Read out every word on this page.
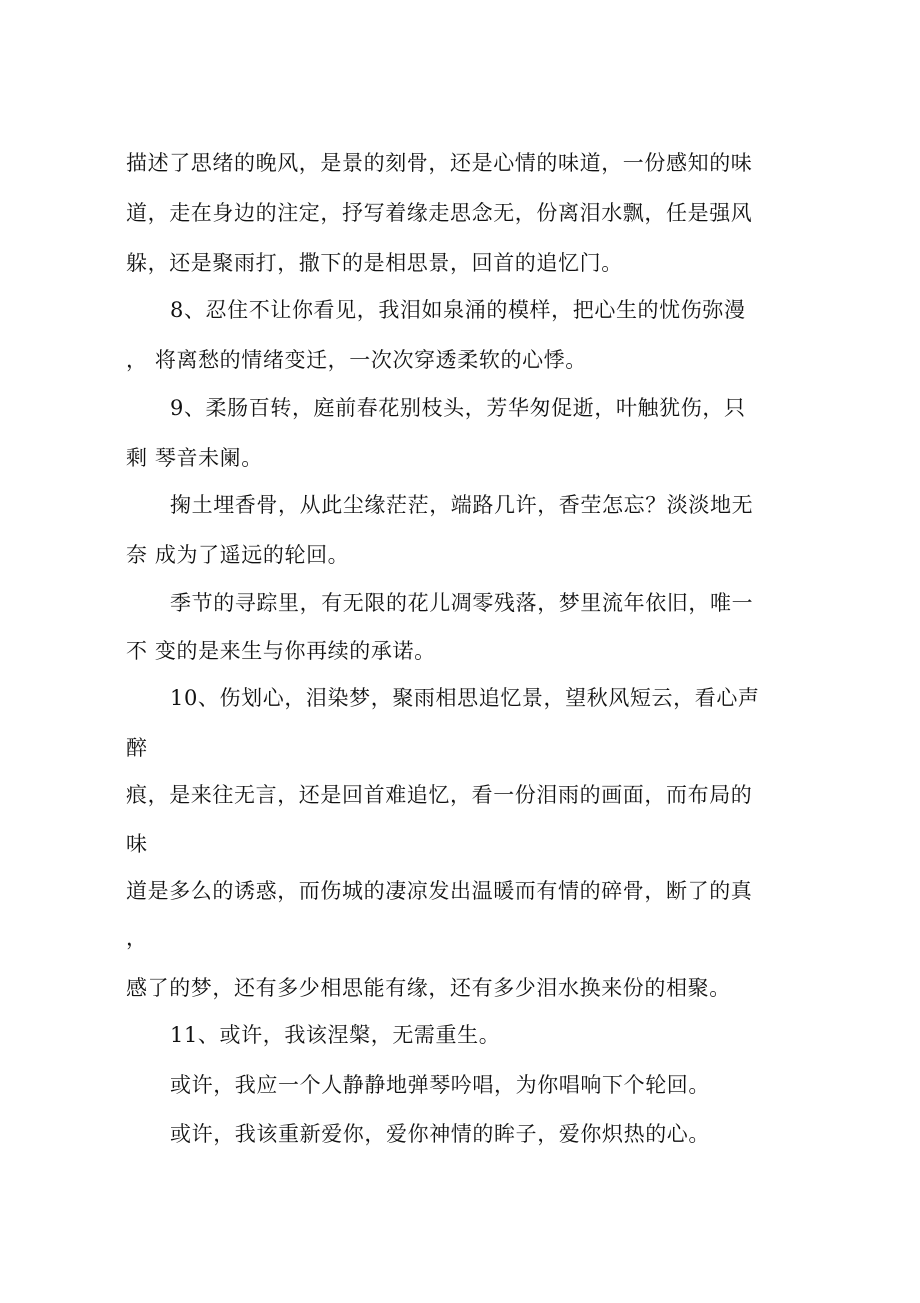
描述了思绪的晚风，是景的刻骨，还是心情的味道，一份感知的味
道，走在身边的注定，抒写着缘走思念无，份离泪水飘，任是强风
躲，还是聚雨打，撒下的是相思景，回首的追忆门。
8、忍住不让你看见，我泪如泉涌的模样，把心生的忧伤弥漫
， 将离愁的情绪变迁，一次次穿透柔软的心悸。
9、柔肠百转，庭前春花别枝头，芳华匆促逝，叶触犹伤，只
剩 琴音未阑。
掬土埋香骨，从此尘缘茫茫，端路几许，香茔怎忘？淡淡地无
奈 成为了遥远的轮回。
季节的寻踪里，有无限的花儿凋零残落，梦里流年依旧，唯一
不 变的是来生与你再续的承诺。
10、伤划心，泪染梦，聚雨相思追忆景，望秋风短云，看心声
醉
痕，是来往无言，还是回首难追忆，看一份泪雨的画面，而布局的
味
道是多么的诱惑，而伤城的凄凉发出温暖而有情的碎骨，断了的真
，
感了的梦，还有多少相思能有缘，还有多少泪水换来份的相聚。
11、或许，我该涅槃，无需重生。
或许，我应一个人静静地弹琴吟唱，为你唱响下个轮回。
或许，我该重新爱你，爱你神情的眸子，爱你炽热的心。
